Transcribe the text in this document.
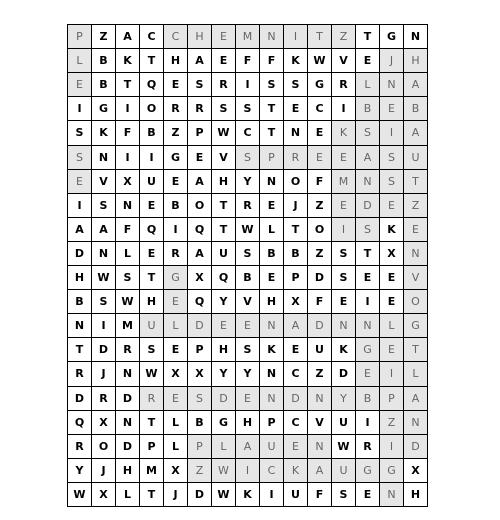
P	Z	A	C	C	H	E	M	N	I	T	Z	T	G	N
L	B	K	T	H	A	E	F	F	K	W	V	E	J	H
E	B	T	Q	E	S	R	I	S	S	G	R	L	N	A
I	G	I	O	R	R	S	S	T	E	C	I	B	E	B
S	K	F	B	Z	P	W	C	T	N	E	K	S	I	A
S	N	I	I	G	E	V	S	P	R	E	E	A	S	U
E	V	X	U	E	A	H	Y	N	O	F	M	N	S	T
I	S	N	E	B	O	T	R	E	J	Z	E	D	E	Z
A	A	F	Q	I	Q	T	W	L	T	O	I	S	K	E
D	N	L	E	R	A	U	S	B	B	Z	S	T	X	N
H	W	S	T	G	X	Q	B	E	P	D	S	E	E	V
B	S	W	H	E	Q	Y	V	H	X	F	E	I	E	O
N	I	M	U	L	D	E	E	N	A	D	N	N	L	G
T	D	R	S	E	P	H	S	K	E	U	K	G	E	T
R	J	N	W	X	X	Y	Y	N	C	Z	D	E	I	L
D	R	D	R	E	S	D	E	N	D	N	Y	B	P	A
Q	X	N	T	L	B	G	H	P	C	V	U	I	Z	N
R	O	D	P	L	P	L	A	U	E	N	W	R	I	D
Y	J	H	M	X	Z	W	I	C	K	A	U	G	G	X
W	X	L	T	J	D	W	K	I	U	F	S	E	N	H
